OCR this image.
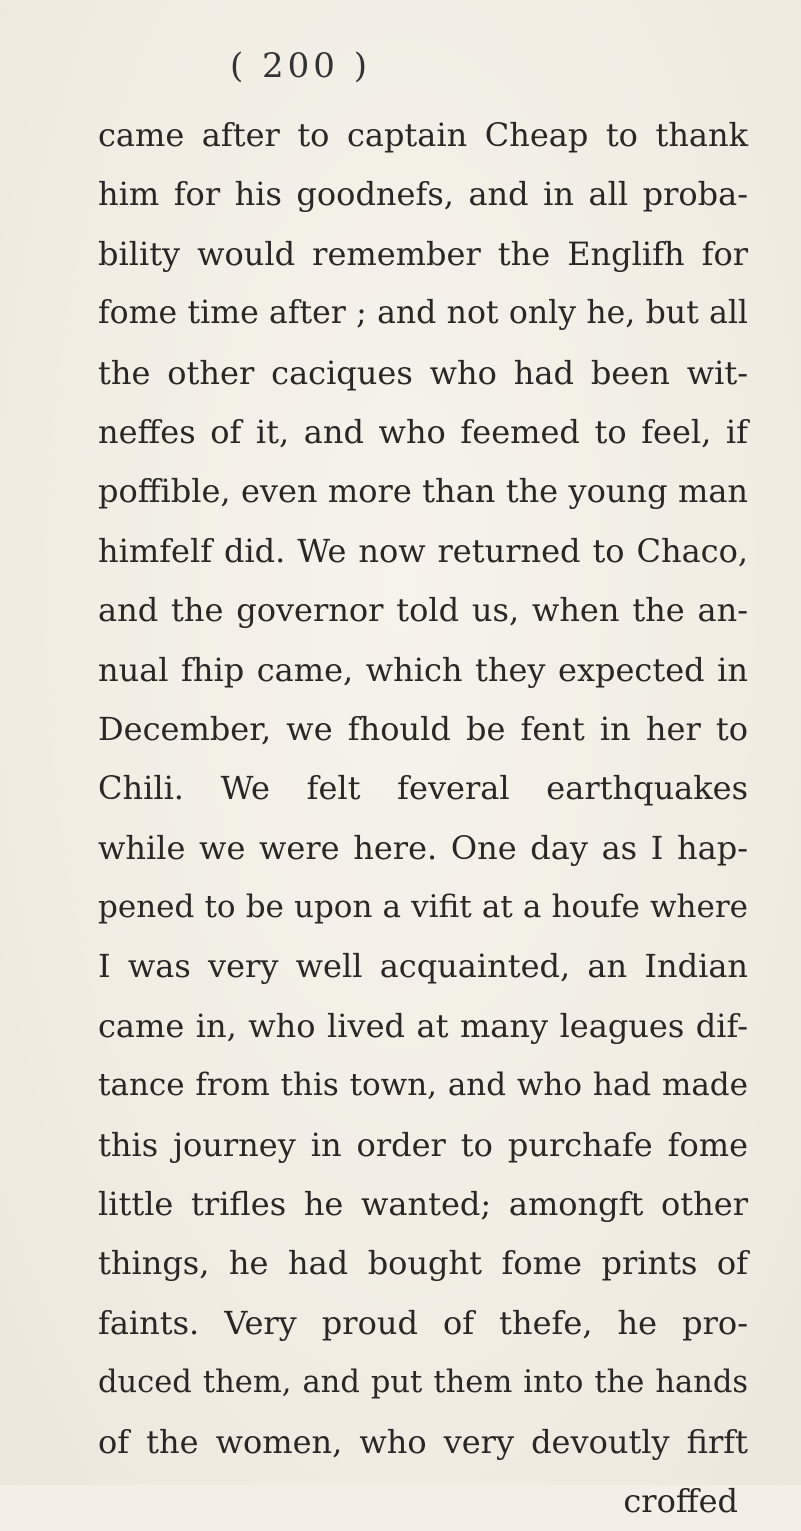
( 200 )
came after to captain Cheap to thank
him for his goodnefs, and in all proba-
bility would remember the Englifh for
fome time after ; and not only he, but all
the other caciques who had been wit-
neffes of it, and who feemed to feel, if
poffible, even more than the young man
himfelf did. We now returned to Chaco,
and the governor told us, when the an-
nual fhip came, which they expected in
December, we fhould be fent in her to
Chili. We felt feveral earthquakes
while we were here. One day as I hap-
pened to be upon a vifit at a houfe where
I was very well acquainted, an Indian
came in, who lived at many leagues dif-
tance from this town, and who had made
this journey in order to purchafe fome
little trifles he wanted; amongft other
things, he had bought fome prints of
faints. Very proud of thefe, he pro-
duced them, and put them into the hands
of the women, who very devoutly firft
croffed
